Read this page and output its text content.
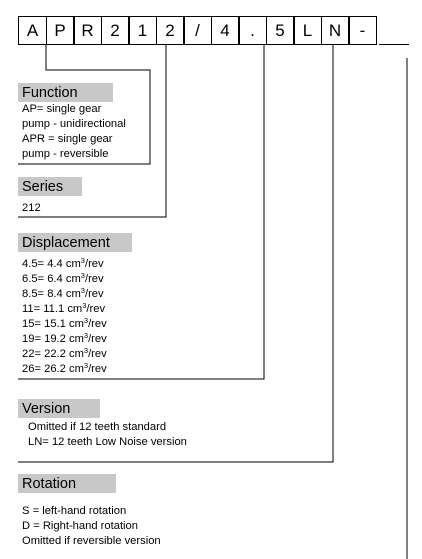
A P R 2	1	2	/	4	.	5	L N	-
Function
AP= single gear
pump - unidirectional
APR = single gear
pump - reversible
Series
212
Displacement
4.5= 4.4 $cm^3$/rev
6.5= 6.4 $cm^3$/rev
8.5= 8.4 $cm^3$/rev
11= 11.1 $cm^3$/rev
15= 15.1 $cm^3$/rev
19= 19.2 $cm^3$/rev
22= 22.2 $cm^3$/rev
26= 26.2 $cm^3$/rev
Version
Omitted if 12 teeth standard
LN= 12 teeth Low Noise version
Rotation
S = left-hand rotation
D = Right-hand rotation
Omitted if reversible version
